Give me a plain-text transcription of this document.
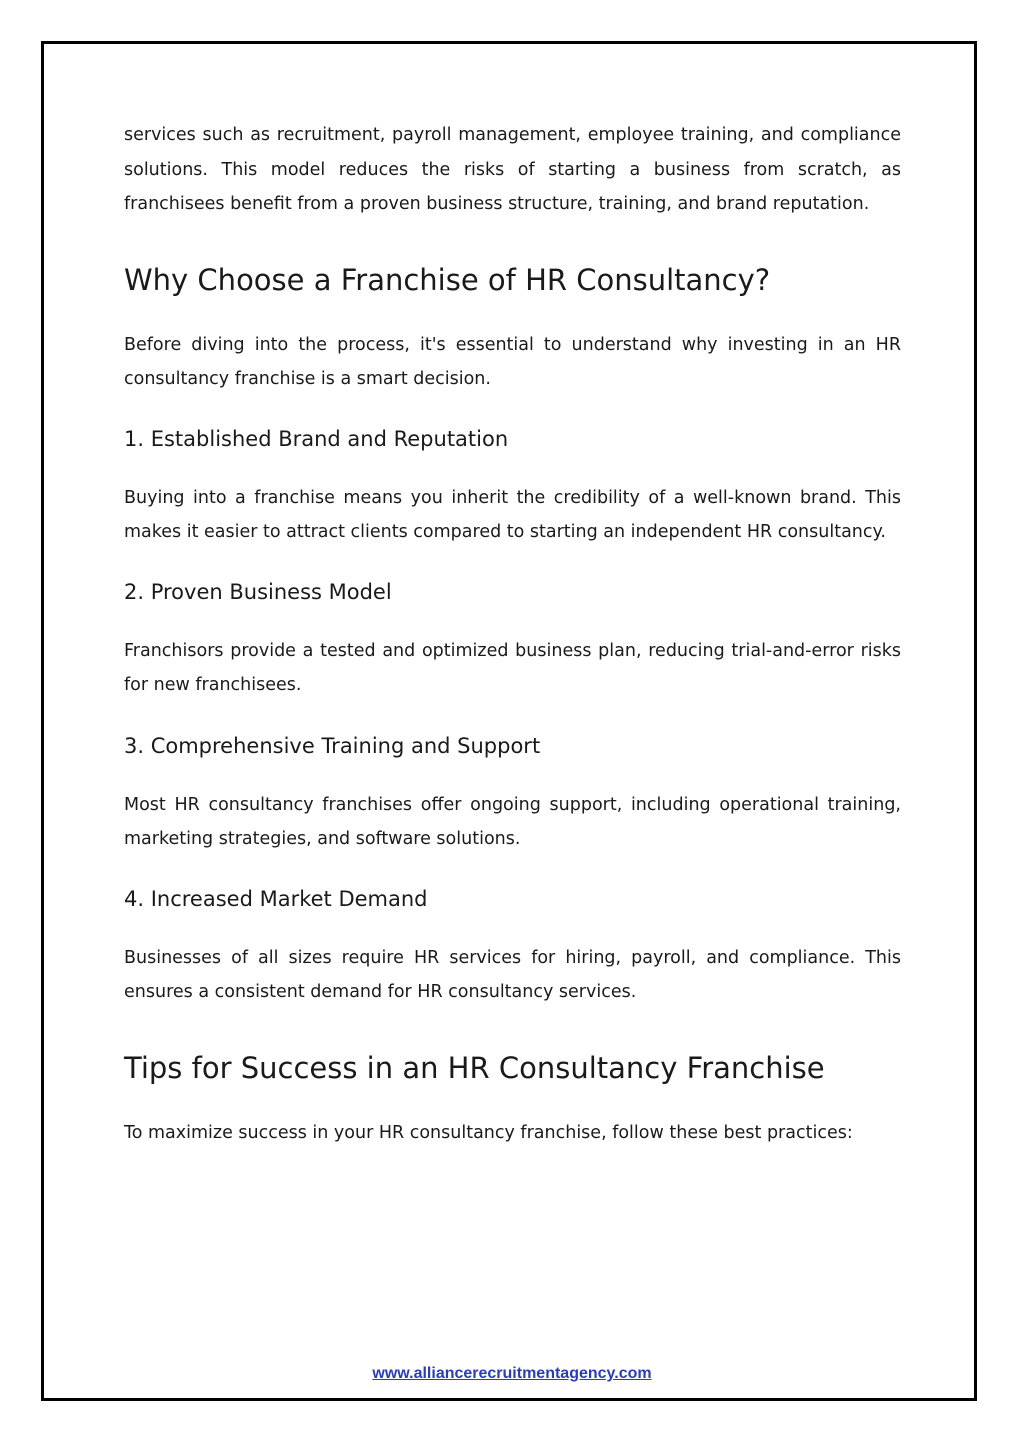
services such as recruitment, payroll management, employee training, and compliance solutions. This model reduces the risks of starting a business from scratch, as franchisees benefit from a proven business structure, training, and brand reputation.

Why Choose a Franchise of HR Consultancy?

Before diving into the process, it's essential to understand why investing in an HR consultancy franchise is a smart decision.

1. Established Brand and Reputation

Buying into a franchise means you inherit the credibility of a well-known brand. This makes it easier to attract clients compared to starting an independent HR consultancy.

2. Proven Business Model

Franchisors provide a tested and optimized business plan, reducing trial-and-error risks for new franchisees.

3. Comprehensive Training and Support

Most HR consultancy franchises offer ongoing support, including operational training, marketing strategies, and software solutions.

4. Increased Market Demand

Businesses of all sizes require HR services for hiring, payroll, and compliance. This ensures a consistent demand for HR consultancy services.

Tips for Success in an HR Consultancy Franchise

To maximize success in your HR consultancy franchise, follow these best practices:

www.alliancerecruitmentagency.com
